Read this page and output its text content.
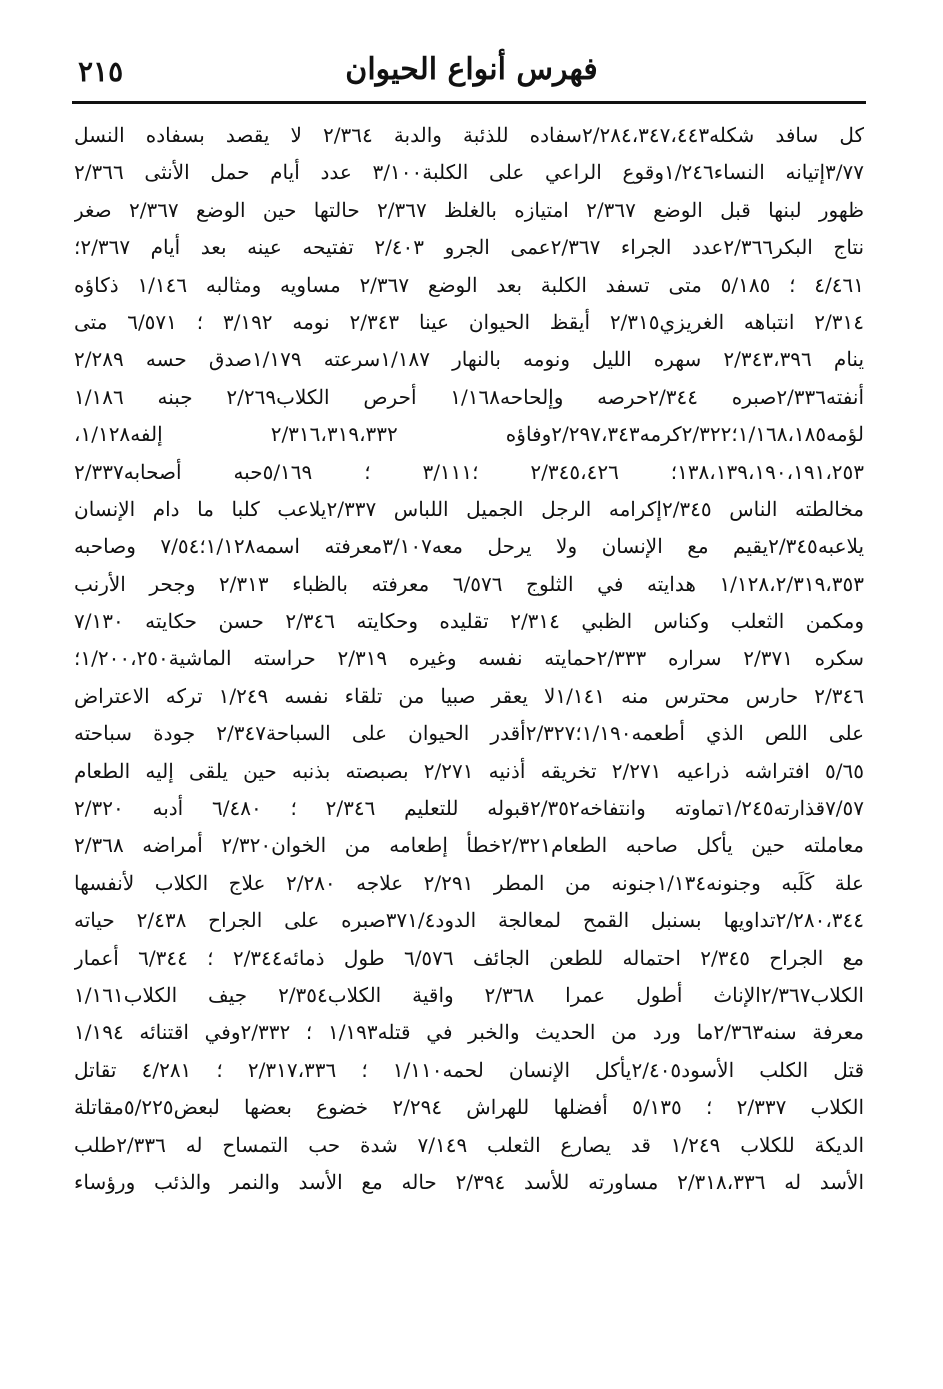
فهرس أنواع الحيوان
٢١٥
كل سافد شكله٢/٢٨٤،٣٤٧،٤٤٣سفاده للذئبة والدبة ٢/٣٦٤ لا يقصد بسفاده النسل
٣/٧٧إتيانه النساء١/٢٤٦وقوع الراعي على الكلبة٣/١٠٠ عدد أيام حمل الأنثى ٢/٣٦٦
ظهور لبنها قبل الوضع ٢/٣٦٧ امتيازه بالغلظ ٢/٣٦٧ حالتها حين الوضع ٢/٣٦٧ صغر
نتاج البكر٢/٣٦٦عدد الجراء ٢/٣٦٧عمى الجرو ٢/٤٠٣ تفتيحه عينه بعد أيام ٢/٣٦٧؛
٤/٤٦١ ؛ ٥/١٨٥ متى تسفد الكلبة بعد الوضع ٢/٣٦٧ مساويه ومثالبه ١/١٤٦ ذكاؤه
٢/٣١٤ انتباهه الغريزي٢/٣١٥ أيقظ الحيوان عينا ٢/٣٤٣ نومه ٣/١٩٢ ؛ ٦/٥٧١ متى
ينام ٢/٣٤٣،٣٩٦ سهره الليل ونومه بالنهار ١/١٨٧سرعته ١/١٧٩صدق حسه ٢/٢٨٩
أنفته٢/٣٣٦صبره ٢/٣٤٤حرصه وإلحاحه١/١٦٨ أحرص الكلاب٢/٢٦٩ جبنه ١/١٨٦
لؤمه١/١٦٨،١٨٥؛٢/٣٢٢كرمه٢/٢٩٧،٣٤٣وفاؤه ٢/٣١٦،٣١٩،٣٣٢ إلفه١/١٢٨،
١٣٨،١٣٩،١٩٠،١٩١،٢٥٣؛ ٢/٣٤٥،٤٢٦ ؛٣/١١١ ؛ ٥/١٦٩حبه أصحابه٢/٣٣٧
مخالطته الناس ٢/٣٤٥إكرامه الرجل الجميل اللباس ٢/٣٣٧يلاعب كلبا ما دام الإنسان
يلاعبه٢/٣٤٥يقيم مع الإنسان ولا يرحل معه٣/١٠٧معرفته اسمه١/١٢٨؛٧/٥٤ وصاحبه
١/١٢٨،٢/٣١٩،٣٥٣ هدايته في الثلوج ٦/٥٧٦ معرفته بالظباء ٢/٣١٣ وجحر الأرنب
ومكمن الثعلب وكناس الظبي ٢/٣١٤ تقليده وحكايته ٢/٣٤٦ حسن حكايته ٧/١٣٠
سكره ٢/٣٧١ سراره ٢/٣٣٣حمايته نفسه وغيره ٢/٣١٩ حراسته الماشية١/٢٠٠،٢٥٠؛
٢/٣٤٦ حارس محترس منه ١/١٤١لا يعقر صبيا من تلقاء نفسه ١/٢٤٩ تركه الاعتراض
على اللص الذي أطعمه١/١٩٠؛٢/٣٢٧أقدر الحيوان على السباحة٢/٣٤٧ جودة سباحته
٥/٦٥ افتراشه ذراعيه ٢/٢٧١ تخريقه أذنيه ٢/٢٧١ بصبصته بذنبه حين يلقى إليه الطعام
٧/٥٧قذارته١/٢٤٥تماوته وانتفاخه٢/٣٥٢قبوله للتعليم ٢/٣٤٦ ؛ ٦/٤٨٠ أدبه ٢/٣٢٠
معاملته حين يأكل صاحبه الطعام٢/٣٢١خطأ إطعامه من الخوان٢/٣٢٠ أمراضه ٢/٣٦٨
علة كَلَبه وجنونه١/١٣٤جنونه من المطر ٢/٢٩١ علاجه ٢/٢٨٠ علاج الكلاب لأنفسها
٢/٢٨٠،٣٤٤تداويها بسنبل القمح لمعالجة الدود٣٧١/٤صبره على الجراح ٢/٤٣٨ حياته
مع الجراح ٢/٣٤٥ احتماله للطعن الجائف ٦/٥٧٦ طول ذمائه٢/٣٤٤ ؛ ٦/٣٤٤ أعمار
الكلاب٢/٣٦٧الإناث أطول عمرا ٢/٣٦٨ واقية الكلاب٢/٣٥٤ جيف الكلاب١/١٦١
معرفة سنه٢/٣٦٣ما ورد من الحديث والخبر في قتله١/١٩٣ ؛ ٢/٣٣٢وفي اقتنائه ١/١٩٤
قتل الكلب الأسود٢/٤٠٥يأكل الإنسان لحمه١/١١٠ ؛ ٢/٣١٧،٣٣٦ ؛ ٤/٢٨١ تقاتل
الكلاب ٢/٣٣٧ ؛ ٥/١٣٥ أفضلها للهراش ٢/٢٩٤ خضوع بعضها لبعض٥/٢٢٥مقاتلة
الديكة للكلاب ١/٢٤٩ قد يصارع الثعلب ٧/١٤٩ شدة حب التمساح له ٢/٣٣٦طلب
الأسد له ٢/٣١٨،٣٣٦ مساورته للأسد ٢/٣٩٤ حاله مع الأسد والنمر والذئب ورؤساء
